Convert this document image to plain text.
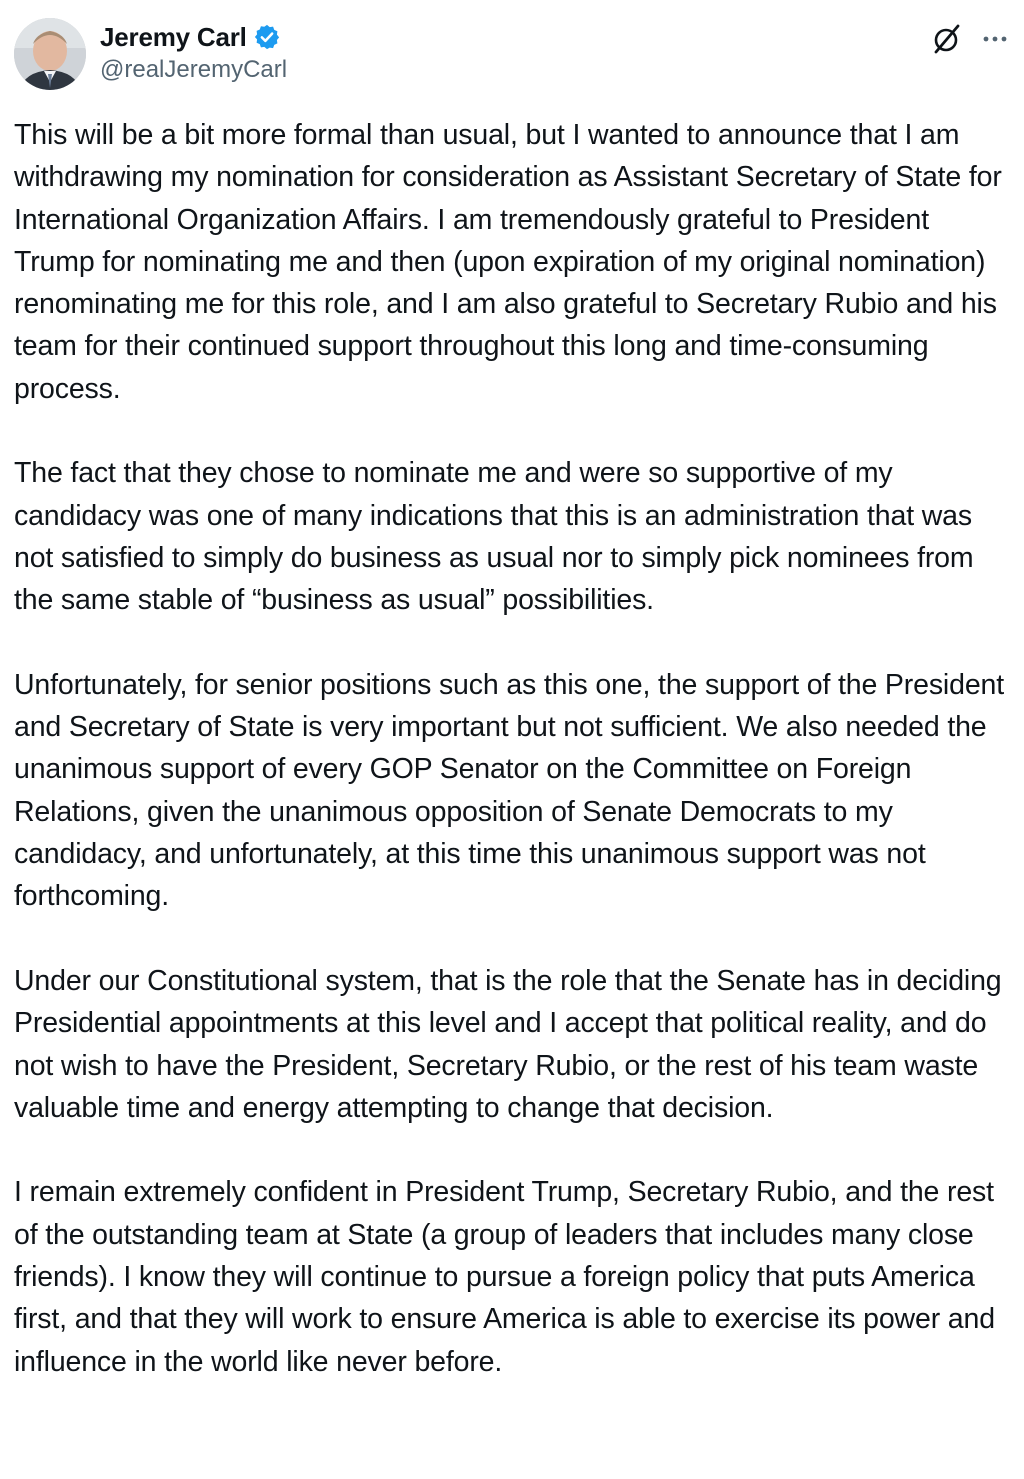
Jeremy Carl
@realJeremyCarl

This will be a bit more formal than usual, but I wanted to announce that I am withdrawing my nomination for consideration as Assistant Secretary of State for International Organization Affairs. I am tremendously grateful to President Trump for nominating me and then (upon expiration of my original nomination) renominating me for this role, and I am also grateful to Secretary Rubio and his team for their continued support throughout this long and time-consuming process.

The fact that they chose to nominate me and were so supportive of my candidacy was one of many indications that this is an administration that was not satisfied to simply do business as usual nor to simply pick nominees from the same stable of “business as usual” possibilities.

Unfortunately, for senior positions such as this one, the support of the President and Secretary of State is very important but not sufficient. We also needed the unanimous support of every GOP Senator on the Committee on Foreign Relations, given the unanimous opposition of Senate Democrats to my candidacy, and unfortunately, at this time this unanimous support was not forthcoming.

Under our Constitutional system, that is the role that the Senate has in deciding Presidential appointments at this level and I accept that political reality, and do not wish to have the President, Secretary Rubio, or the rest of his team waste valuable time and energy attempting to change that decision.

I remain extremely confident in President Trump, Secretary Rubio, and the rest of the outstanding team at State (a group of leaders that includes many close friends). I know they will continue to pursue a foreign policy that puts America first, and that they will work to ensure America is able to exercise its power and influence in the world like never before.
